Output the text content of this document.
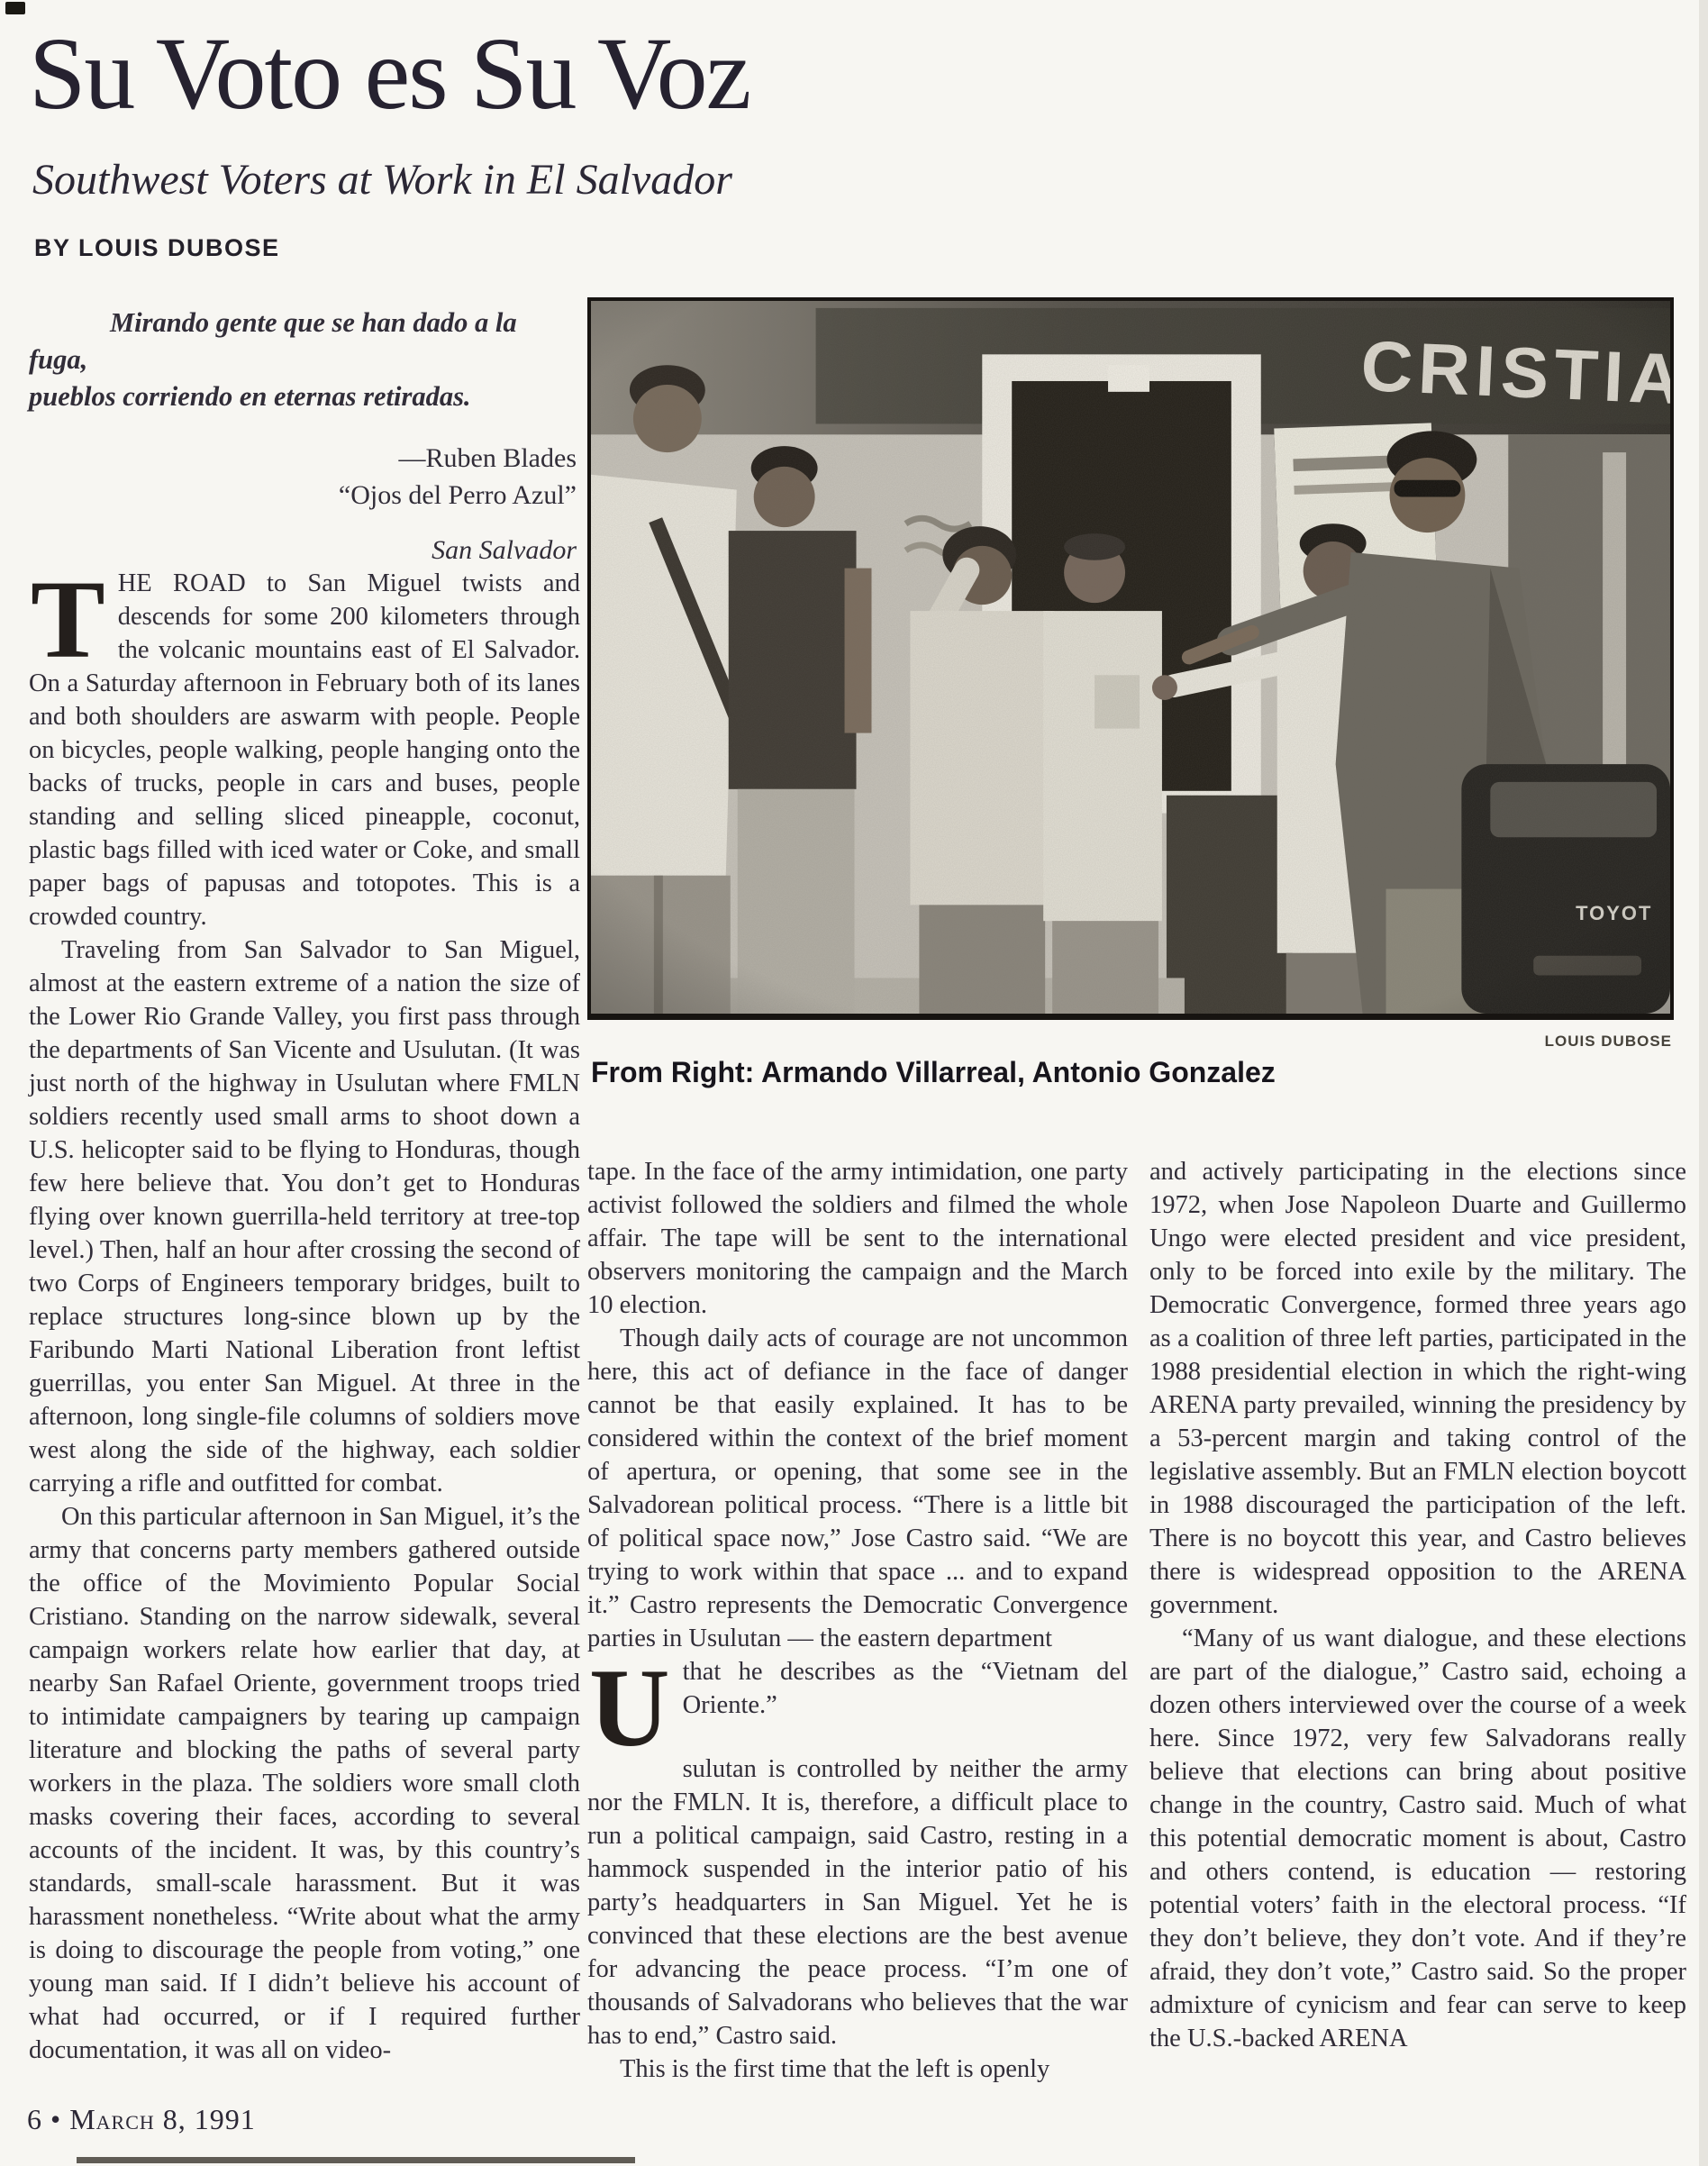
Su Voto es Su Voz
Southwest Voters at Work in El Salvador
BY LOUIS DUBOSE

Mirando gente que se han dado a la fuga,
pueblos corriendo en eternas retiradas.

—Ruben Blades
“Ojos del Perro Azul”
San Salvador

THE ROAD to San Miguel twists and descends for some 200 kilometers through the volcanic mountains east of El Salvador. On a Saturday afternoon in February both of its lanes and both shoulders are aswarm with people. People on bicycles, people walking, people hanging onto the backs of trucks, people in cars and buses, people standing and selling sliced pineapple, coconut, plastic bags filled with iced water or Coke, and small paper bags of papusas and totopotes. This is a crowded country.

Traveling from San Salvador to San Miguel, almost at the eastern extreme of a nation the size of the Lower Rio Grande Valley, you first pass through the departments of San Vicente and Usulutan. (It was just north of the highway in Usulutan where FMLN soldiers recently used small arms to shoot down a U.S. helicopter said to be flying to Honduras, though few here believe that. You don’t get to Honduras flying over known guerrilla-held territory at tree-top level.) Then, half an hour after crossing the second of two Corps of Engineers temporary bridges, built to replace structures long-since blown up by the Faribundo Marti National Liberation front leftist guerrillas, you enter San Miguel. At three in the afternoon, long single-file columns of soldiers move west along the side of the highway, each soldier carrying a rifle and outfitted for combat.

On this particular afternoon in San Miguel, it’s the army that concerns party members gathered outside the office of the Movimiento Popular Social Cristiano. Standing on the narrow sidewalk, several campaign workers relate how earlier that day, at nearby San Rafael Oriente, government troops tried to intimidate campaigners by tearing up campaign literature and blocking the paths of several party workers in the plaza. The soldiers wore small cloth masks covering their faces, according to several accounts of the incident. It was, by this country’s standards, small-scale harassment. But it was harassment nonetheless. “Write about what the army is doing to discourage the people from voting,” one young man said. If I didn’t believe his account of what had occurred, or if I required further documentation, it was all on video-

LOUIS DUBOSE
From Right: Armando Villarreal, Antonio Gonzalez

tape. In the face of the army intimidation, one party activist followed the soldiers and filmed the whole affair. The tape will be sent to the international observers monitoring the campaign and the March 10 election.

Though daily acts of courage are not uncommon here, this act of defiance in the face of danger cannot be that easily explained. It has to be considered within the context of the brief moment of apertura, or opening, that some see in the Salvadorean political process. “There is a little bit of political space now,” Jose Castro said. “We are trying to work within that space ... and to expand it.” Castro represents the Democratic Convergence parties in Usulutan — the eastern department

U that he describes as the “Vietnam del Oriente.”
sulutan is controlled by neither the army nor the FMLN. It is, therefore, a difficult place to run a political campaign, said Castro, resting in a hammock suspended in the interior patio of his party’s headquarters in San Miguel. Yet he is convinced that these elections are the best avenue for advancing the peace process. “I’m one of thousands of Salvadorans who believes that the war has to end,” Castro said.

This is the first time that the left is openly

and actively participating in the elections since 1972, when Jose Napoleon Duarte and Guillermo Ungo were elected president and vice president, only to be forced into exile by the military. The Democratic Convergence, formed three years ago as a coalition of three left parties, participated in the 1988 presidential election in which the right-wing ARENA party prevailed, winning the presidency by a 53-percent margin and taking control of the legislative assembly. But an FMLN election boycott in 1988 discouraged the participation of the left. There is no boycott this year, and Castro believes there is widespread opposition to the ARENA government.

“Many of us want dialogue, and these elections are part of the dialogue,” Castro said, echoing a dozen others interviewed over the course of a week here. Since 1972, very few Salvadorans really believe that elections can bring about positive change in the country, Castro said. Much of what this potential democratic moment is about, Castro and others contend, is education — restoring potential voters’ faith in the electoral process. “If they don’t believe, they don’t vote. And if they’re afraid, they don’t vote,” Castro said. So the proper admixture of cynicism and fear can serve to keep the U.S.-backed ARENA

6 • March 8, 1991
